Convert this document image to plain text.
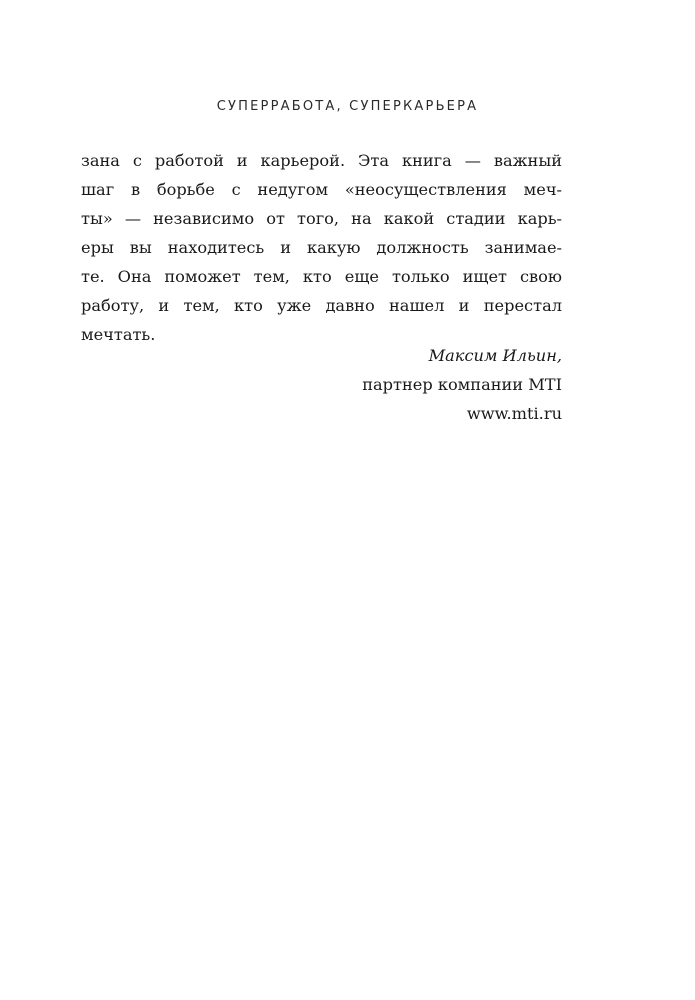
СУПЕРРАБОТА, СУПЕРКАРЬЕРА
зана с работой и карьерой. Эта книга — важный
шаг в борьбе с недугом «неосуществления меч-
ты» — независимо от того, на какой стадии карь-
еры вы находитесь и какую должность занимае-
те. Она поможет тем, кто еще только ищет свою
работу, и тем, кто уже давно нашел и перестал
мечтать.
Максим Ильин,
партнер компании MTI
www.mti.ru
